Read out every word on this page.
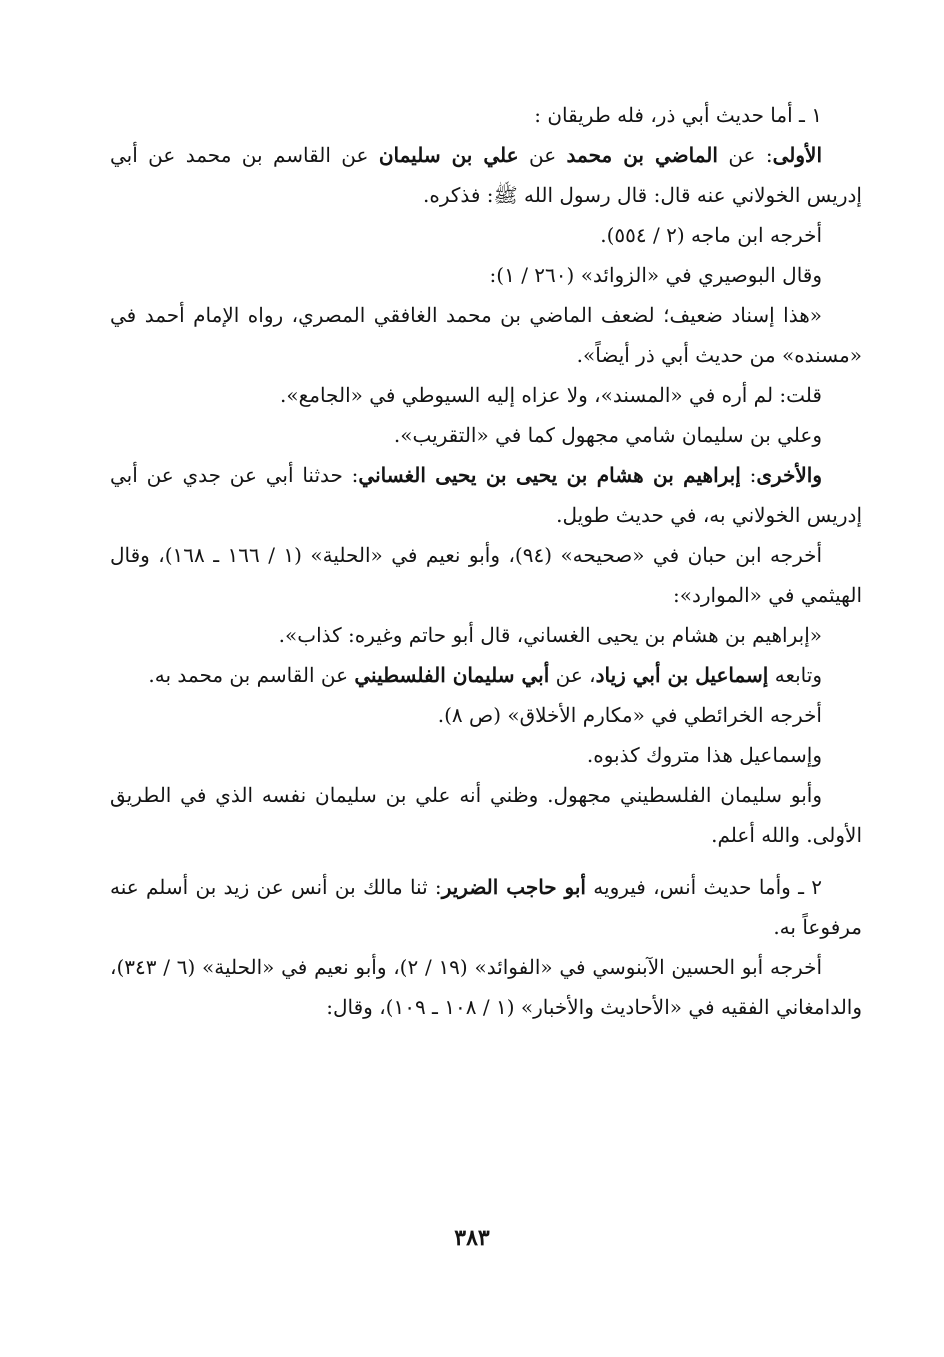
١ ـ أما حديث أبي ذر، فله طريقان :

الأولى: عن الماضي بن محمد عن علي بن سليمان عن القاسم بن محمد عن أبي إدريس الخولاني عنه قال: قال رسول الله ﷺ: فذكره.

أخرجه ابن ماجه (٢ / ٥٥٤).

وقال البوصيري في «الزوائد» (٢٦٠ / ١):

«هذا إسناد ضعيف؛ لضعف الماضي بن محمد الغافقي المصري، رواه الإمام أحمد في «مسنده» من حديث أبي ذر أيضاً».

قلت: لم أره في «المسند»، ولا عزاه إليه السيوطي في «الجامع».

وعلي بن سليمان شامي مجهول كما في «التقريب».

والأخرى: إبراهيم بن هشام بن يحيى بن يحيى الغساني: حدثنا أبي عن جدي عن أبي إدريس الخولاني به، في حديث طويل.

أخرجه ابن حبان في «صحيحه» (٩٤)، وأبو نعيم في «الحلية» (١ / ١٦٦ ـ ١٦٨)، وقال الهيثمي في «الموارد»:

«إبراهيم بن هشام بن يحيى الغساني، قال أبو حاتم وغيره: كذاب».

وتابعه إسماعيل بن أبي زياد، عن أبي سليمان الفلسطيني عن القاسم بن محمد به.

أخرجه الخرائطي في «مكارم الأخلاق» (ص ٨).

وإسماعيل هذا متروك كذبوه.

وأبو سليمان الفلسطيني مجهول. وظني أنه علي بن سليمان نفسه الذي في الطريق الأولى. والله أعلم.

٢ ـ وأما حديث أنس، فيرويه أبو حاجب الضرير: ثنا مالك بن أنس عن زيد بن أسلم عنه مرفوعاً به.

أخرجه أبو الحسين الآبنوسي في «الفوائد» (١٩ / ٢)، وأبو نعيم في «الحلية» (٦ / ٣٤٣)، والدامغاني الفقيه في «الأحاديث والأخبار» (١ / ١٠٨ ـ ١٠٩)، وقال:

٣٨٣
